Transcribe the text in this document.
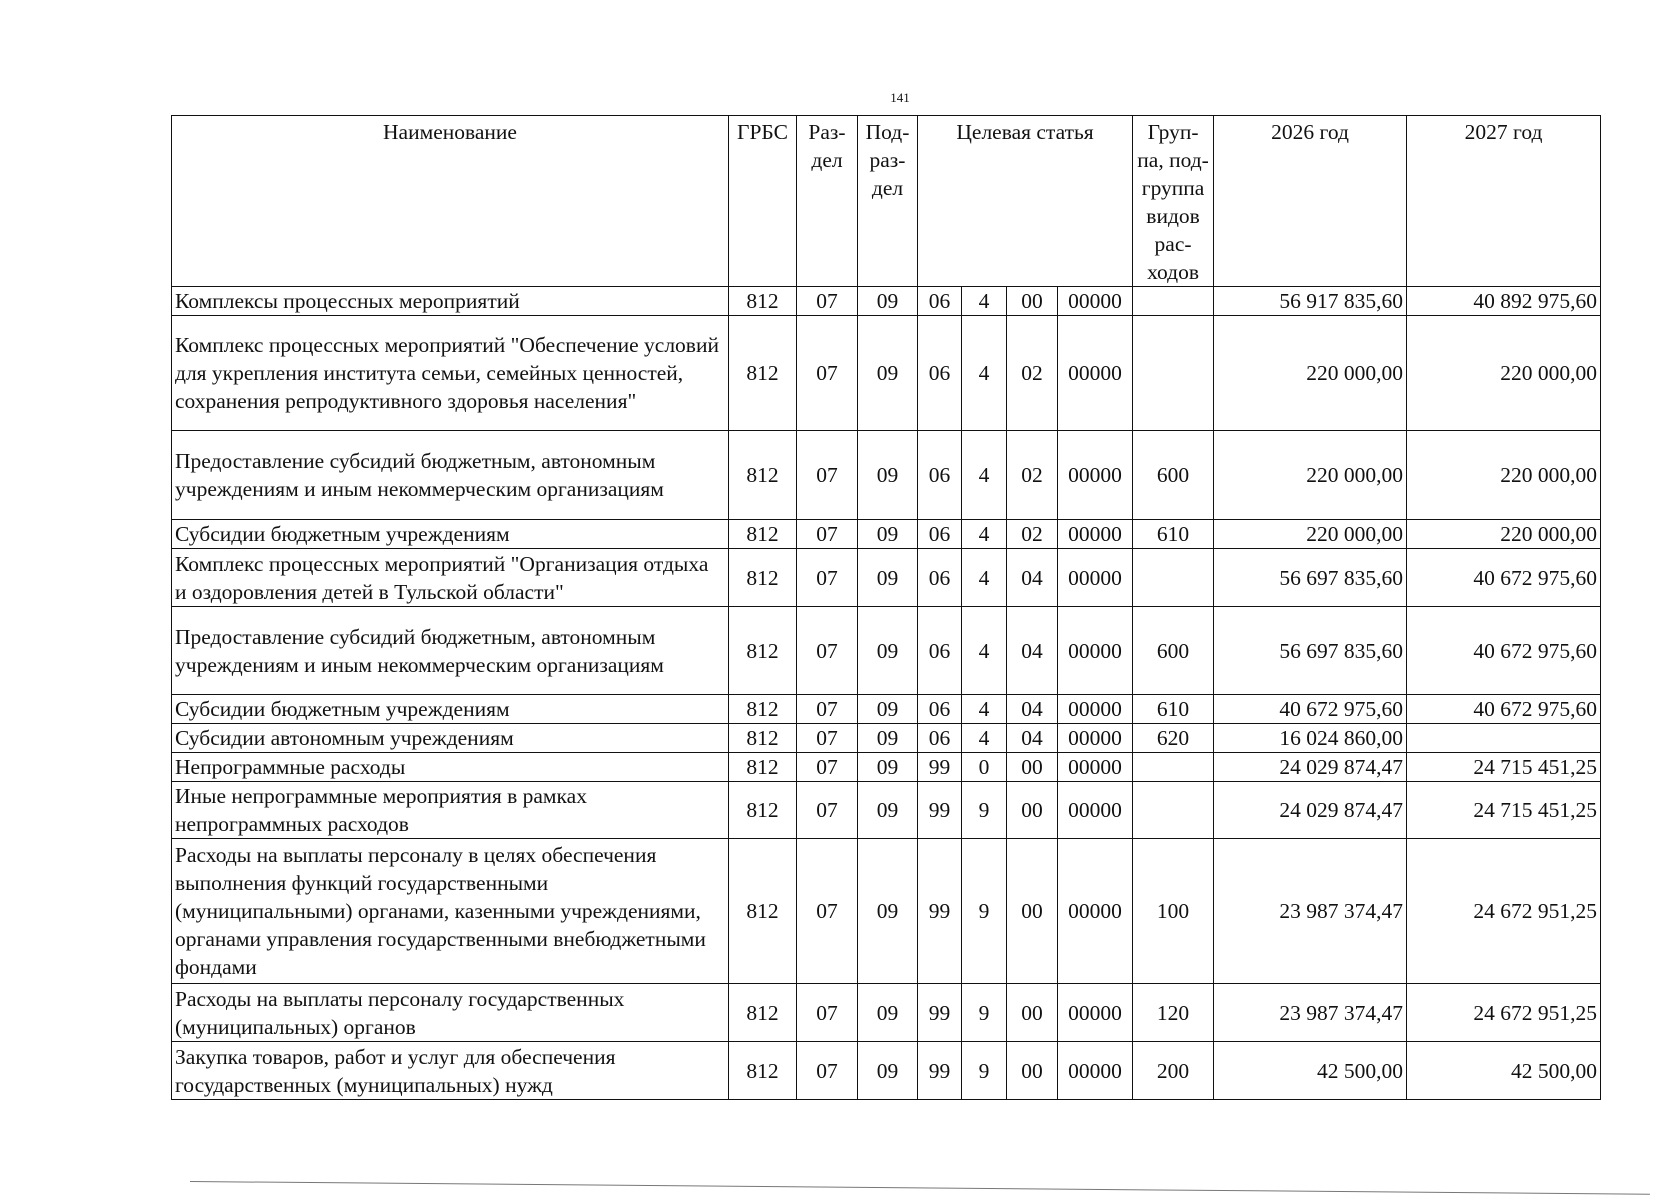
141
Наименование	ГРБС	Раз- дел	Под- раз- дел	Целевая статья				Груп- па, под- группа видов рас- ходов	2026 год	2027 год
Комплексы процессных мероприятий	812	07	09	06	4	00	00000		56 917 835,60	40 892 975,60
Комплекс процессных мероприятий "Обеспечение условий для укрепления института семьи, семейных ценностей, сохранения репродуктивного здоровья населения"	812	07	09	06	4	02	00000		220 000,00	220 000,00
Предоставление субсидий бюджетным, автономным учреждениям и иным некоммерческим организациям	812	07	09	06	4	02	00000	600	220 000,00	220 000,00
Субсидии бюджетным учреждениям	812	07	09	06	4	02	00000	610	220 000,00	220 000,00
Комплекс процессных мероприятий "Организация отдыха и оздоровления детей в Тульской области"	812	07	09	06	4	04	00000		56 697 835,60	40 672 975,60
Предоставление субсидий бюджетным, автономным учреждениям и иным некоммерческим организациям	812	07	09	06	4	04	00000	600	56 697 835,60	40 672 975,60
Субсидии бюджетным учреждениям	812	07	09	06	4	04	00000	610	40 672 975,60	40 672 975,60
Субсидии автономным учреждениям	812	07	09	06	4	04	00000	620	16 024 860,00	
Непрограммные расходы	812	07	09	99	0	00	00000		24 029 874,47	24 715 451,25
Иные непрограммные мероприятия в рамках непрограммных расходов	812	07	09	99	9	00	00000		24 029 874,47	24 715 451,25
Расходы на выплаты персоналу в целях обеспечения выполнения функций государственными (муниципальными) органами, казенными учреждениями, органами управления государственными внебюджетными фондами	812	07	09	99	9	00	00000	100	23 987 374,47	24 672 951,25
Расходы на выплаты персоналу государственных (муниципальных) органов	812	07	09	99	9	00	00000	120	23 987 374,47	24 672 951,25
Закупка товаров, работ и услуг для обеспечения государственных (муниципальных) нужд	812	07	09	99	9	00	00000	200	42 500,00	42 500,00
